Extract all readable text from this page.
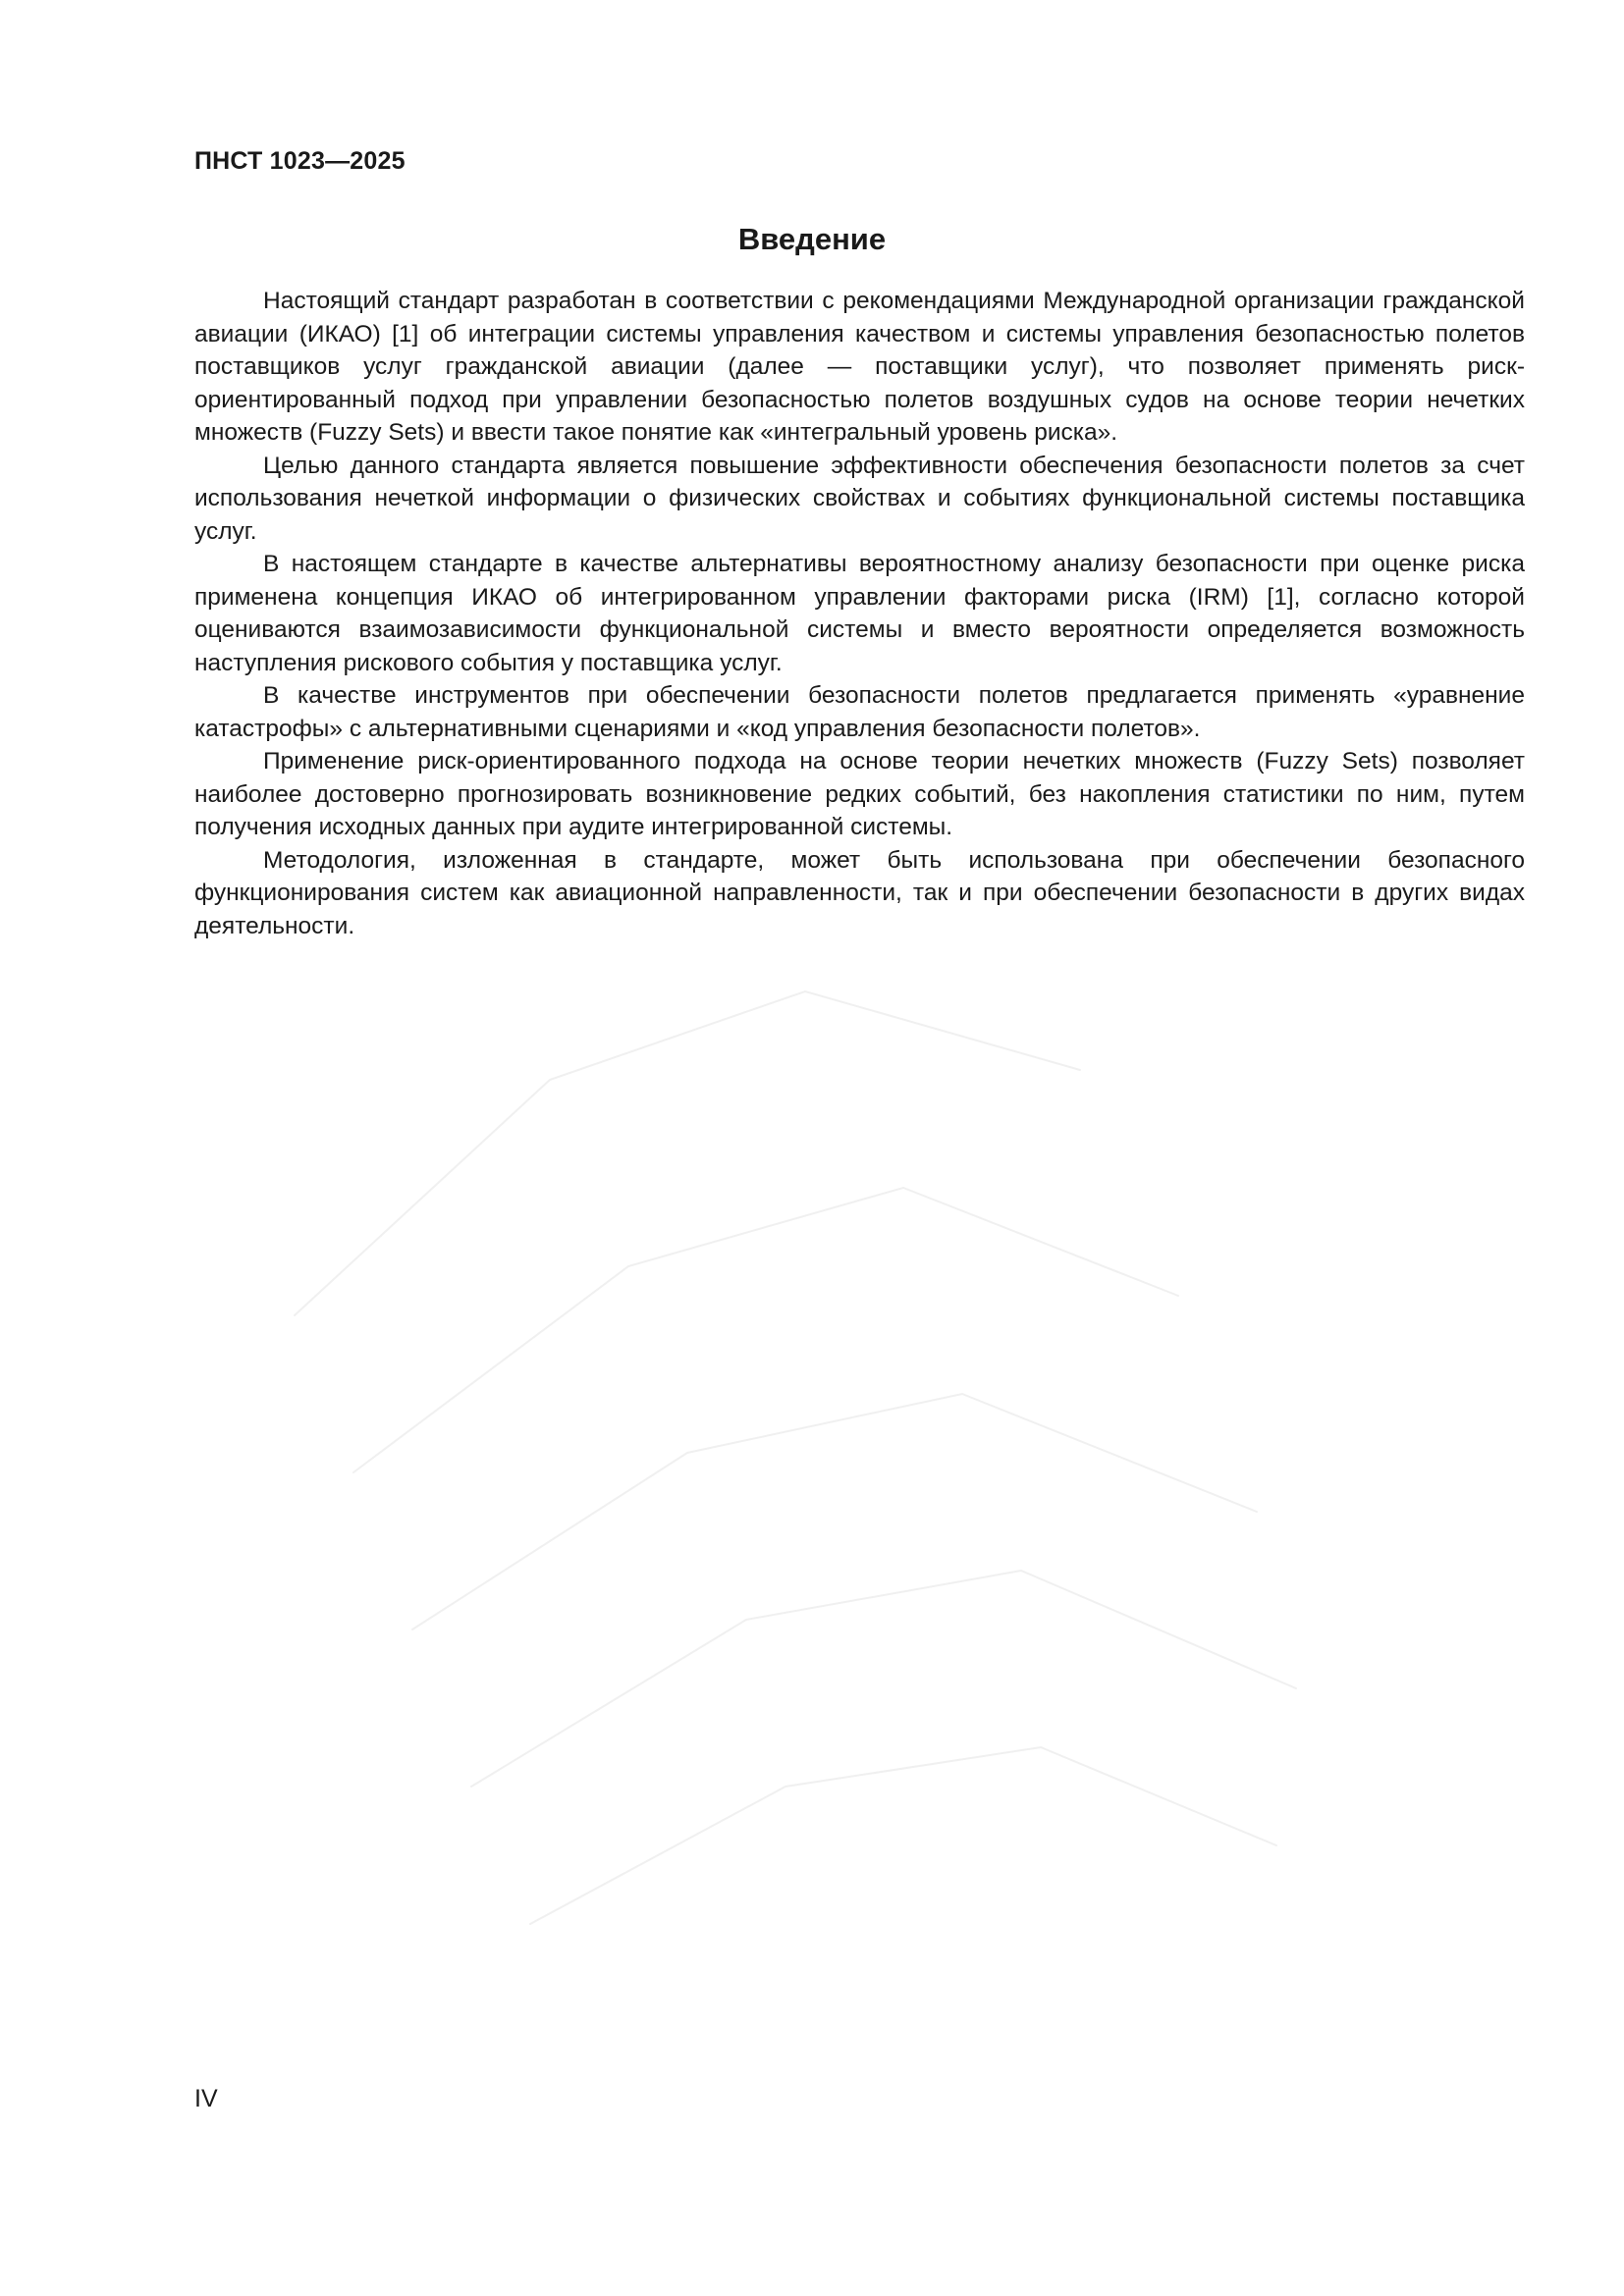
ПНСТ 1023—2025
Введение

Настоящий стандарт разработан в соответствии с рекомендациями Международной организации гражданской авиации (ИКАО) [1] об интеграции системы управления качеством и системы управления безопасностью полетов поставщиков услуг гражданской авиации (далее — поставщики услуг), что позволяет применять риск-ориентированный подход при управлении безопасностью полетов воздушных судов на основе теории нечетких множеств (Fuzzy Sets) и ввести такое понятие как «интегральный уровень риска».

Целью данного стандарта является повышение эффективности обеспечения безопасности полетов за счет использования нечеткой информации о физических свойствах и событиях функциональной системы поставщика услуг.

В настоящем стандарте в качестве альтернативы вероятностному анализу безопасности при оценке риска применена концепция ИКАО об интегрированном управлении факторами риска (IRM) [1], согласно которой оцениваются взаимозависимости функциональной системы и вместо вероятности определяется возможность наступления рискового события у поставщика услуг.

В качестве инструментов при обеспечении безопасности полетов предлагается применять «уравнение катастрофы» с альтернативными сценариями и «код управления безопасности полетов».

Применение риск-ориентированного подхода на основе теории нечетких множеств (Fuzzy Sets) позволяет наиболее достоверно прогнозировать возникновение редких событий, без накопления статистики по ним, путем получения исходных данных при аудите интегрированной системы.

Методология, изложенная в стандарте, может быть использована при обеспечении безопасного функционирования систем как авиационной направленности, так и при обеспечении безопасности в других видах деятельности.

IV
